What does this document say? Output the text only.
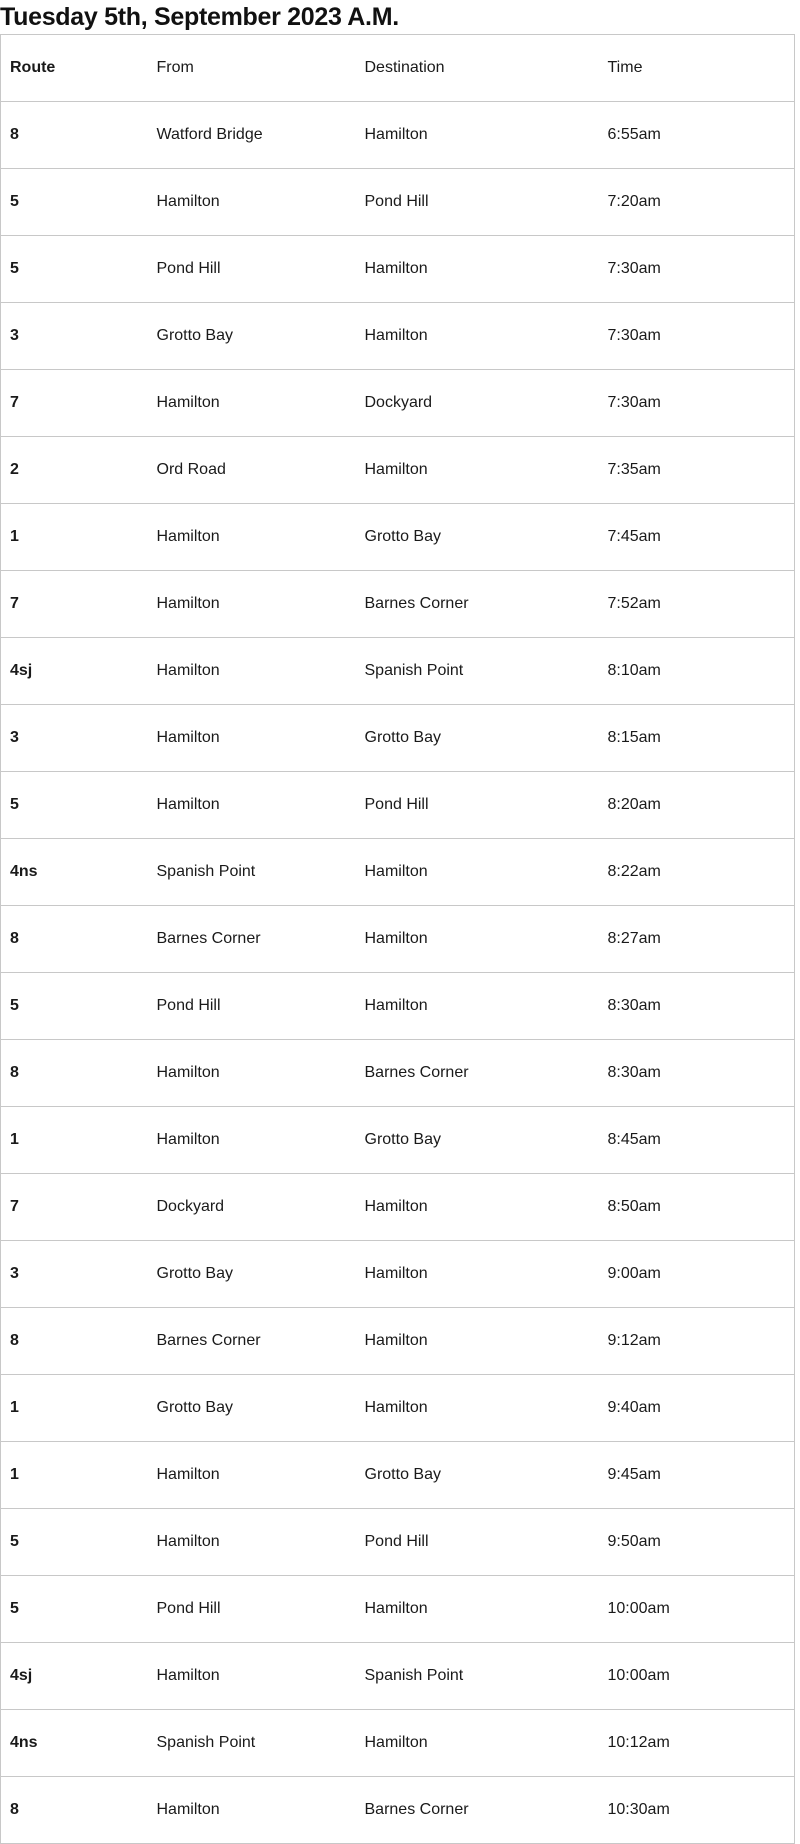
Tuesday 5th, September 2023 A.M.
Route	From	Destination	Time
8	Watford Bridge	Hamilton	6:55am
5	Hamilton	Pond Hill	7:20am
5	Pond Hill	Hamilton	7:30am
3	Grotto Bay	Hamilton	7:30am
7	Hamilton	Dockyard	7:30am
2	Ord Road	Hamilton	7:35am
1	Hamilton	Grotto Bay	7:45am
7	Hamilton	Barnes Corner	7:52am
4sj	Hamilton	Spanish Point	8:10am
3	Hamilton	Grotto Bay	8:15am
5	Hamilton	Pond Hill	8:20am
4ns	Spanish Point	Hamilton	8:22am
8	Barnes Corner	Hamilton	8:27am
5	Pond Hill	Hamilton	8:30am
8	Hamilton	Barnes Corner	8:30am
1	Hamilton	Grotto Bay	8:45am
7	Dockyard	Hamilton	8:50am
3	Grotto Bay	Hamilton	9:00am
8	Barnes Corner	Hamilton	9:12am
1	Grotto Bay	Hamilton	9:40am
1	Hamilton	Grotto Bay	9:45am
5	Hamilton	Pond Hill	9:50am
5	Pond Hill	Hamilton	10:00am
4sj	Hamilton	Spanish Point	10:00am
4ns	Spanish Point	Hamilton	10:12am
8	Hamilton	Barnes Corner	10:30am
